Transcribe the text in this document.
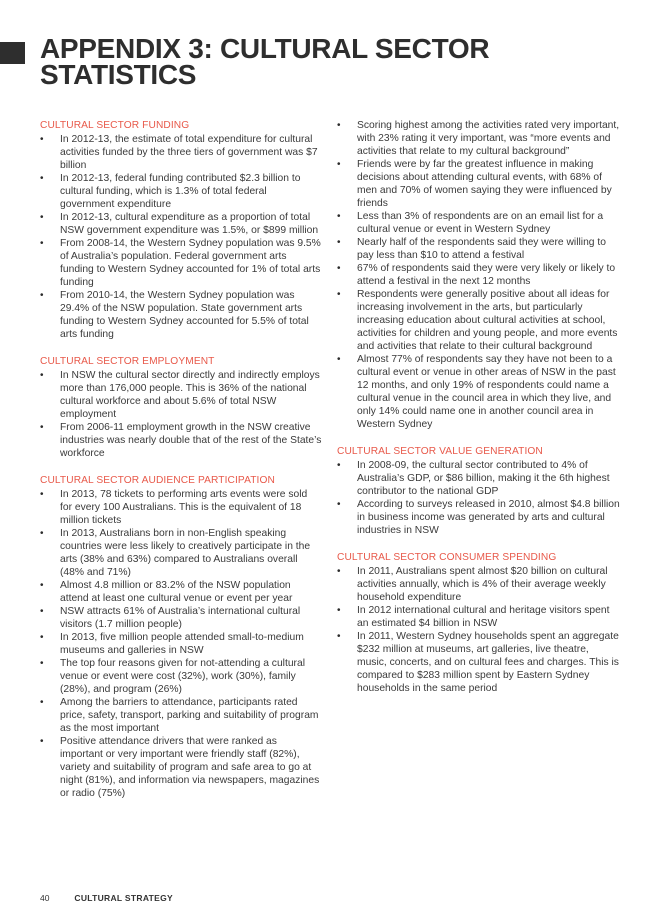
APPENDIX 3: CULTURAL SECTOR
STATISTICS
CULTURAL SECTOR FUNDING
• In 2012-13, the estimate of total expenditure for cultural activities funded by the three tiers of government was $7 billion
• In 2012-13, federal funding contributed $2.3 billion to cultural funding, which is 1.3% of total federal government expenditure
• In 2012-13, cultural expenditure as a proportion of total NSW government expenditure was 1.5%, or $899 million
• From 2008-14, the Western Sydney population was 9.5% of Australia’s population. Federal government arts funding to Western Sydney accounted for 1% of total arts funding
• From 2010-14, the Western Sydney population was 29.4% of the NSW population. State government arts funding to Western Sydney accounted for 5.5% of total arts funding
CULTURAL SECTOR EMPLOYMENT
• In NSW the cultural sector directly and indirectly employs more than 176,000 people. This is 36% of the national cultural workforce and about 5.6% of total NSW employment
• From 2006-11 employment growth in the NSW creative industries was nearly double that of the rest of the State’s workforce
CULTURAL SECTOR AUDIENCE PARTICIPATION
• In 2013, 78 tickets to performing arts events were sold for every 100 Australians. This is the equivalent of 18 million tickets
• In 2013, Australians born in non-English speaking countries were less likely to creatively participate in the arts (38% and 63%) compared to Australians overall (48% and 71%)
• Almost 4.8 million or 83.2% of the NSW population attend at least one cultural venue or event per year
• NSW attracts 61% of Australia’s international cultural visitors (1.7 million people)
• In 2013, five million people attended small-to-medium museums and galleries in NSW
• The top four reasons given for not-attending a cultural venue or event were cost (32%), work (30%), family (28%), and program (26%)
• Among the barriers to attendance, participants rated price, safety, transport, parking and suitability of program as the most important
• Positive attendance drivers that were ranked as important or very important were friendly staff (82%), variety and suitability of program and safe area to go at night (81%), and information via newspapers, magazines or radio (75%)
• Scoring highest among the activities rated very important, with 23% rating it very important, was “more events and activities that relate to my cultural background”
• Friends were by far the greatest influence in making decisions about attending cultural events, with 68% of men and 70% of women saying they were influenced by friends
• Less than 3% of respondents are on an email list for a cultural venue or event in Western Sydney
• Nearly half of the respondents said they were willing to pay less than $10 to attend a festival
• 67% of respondents said they were very likely or likely to attend a festival in the next 12 months
• Respondents were generally positive about all ideas for increasing involvement in the arts, but particularly increasing education about cultural activities at school, activities for children and young people, and more events and activities that relate to their cultural background
• Almost 77% of respondents say they have not been to a cultural event or venue in other areas of NSW in the past 12 months, and only 19% of respondents could name a cultural venue in the council area in which they live, and only 14% could name one in another council area in Western Sydney
CULTURAL SECTOR VALUE GENERATION
• In 2008-09, the cultural sector contributed to 4% of Australia’s GDP, or $86 billion, making it the 6th highest contributor to the national GDP
• According to surveys released in 2010, almost $4.8 billion in business income was generated by arts and cultural industries in NSW
CULTURAL SECTOR CONSUMER SPENDING
• In 2011, Australians spent almost $20 billion on cultural activities annually, which is 4% of their average weekly household expenditure
• In 2012 international cultural and heritage visitors spent an estimated $4 billion in NSW
• In 2011, Western Sydney households spent an aggregate $232 million at museums, art galleries, live theatre, music, concerts, and on cultural fees and charges. This is compared to $283 million spent by Eastern Sydney households in the same period
40	CULTURAL STRATEGY
